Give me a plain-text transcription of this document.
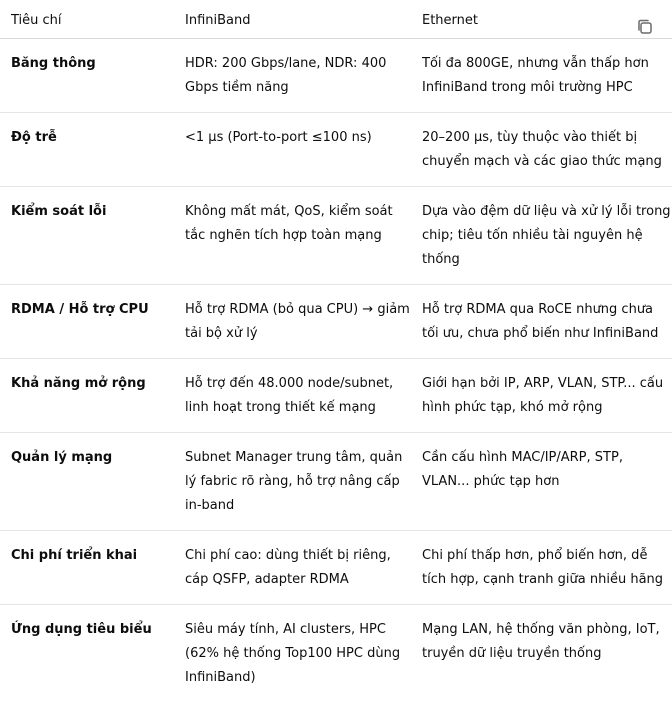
Tiêu chí	InfiniBand	Ethernet
Băng thông	HDR: 200 Gbps/lane, NDR: 400 Gbps tiềm năng	Tối đa 800GE, nhưng vẫn thấp hơn InfiniBand trong môi trường HPC
Độ trễ	<1 µs (Port-to-port ≤100 ns)	20–200 µs, tùy thuộc vào thiết bị chuyển mạch và các giao thức mạng
Kiểm soát lỗi	Không mất mát, QoS, kiểm soát tắc nghẽn tích hợp toàn mạng	Dựa vào đệm dữ liệu và xử lý lỗi trong chip; tiêu tốn nhiều tài nguyên hệ thống
RDMA / Hỗ trợ CPU	Hỗ trợ RDMA (bỏ qua CPU) → giảm tải bộ xử lý	Hỗ trợ RDMA qua RoCE nhưng chưa tối ưu, chưa phổ biến như InfiniBand
Khả năng mở rộng	Hỗ trợ đến 48.000 node/subnet, linh hoạt trong thiết kế mạng	Giới hạn bởi IP, ARP, VLAN, STP... cấu hình phức tạp, khó mở rộng
Quản lý mạng	Subnet Manager trung tâm, quản lý fabric rõ ràng, hỗ trợ nâng cấp in-band	Cần cấu hình MAC/IP/ARP, STP, VLAN... phức tạp hơn
Chi phí triển khai	Chi phí cao: dùng thiết bị riêng, cáp QSFP, adapter RDMA	Chi phí thấp hơn, phổ biến hơn, dễ tích hợp, cạnh tranh giữa nhiều hãng
Ứng dụng tiêu biểu	Siêu máy tính, AI clusters, HPC (62% hệ thống Top100 HPC dùng InfiniBand)	Mạng LAN, hệ thống văn phòng, IoT, truyền dữ liệu truyền thống
